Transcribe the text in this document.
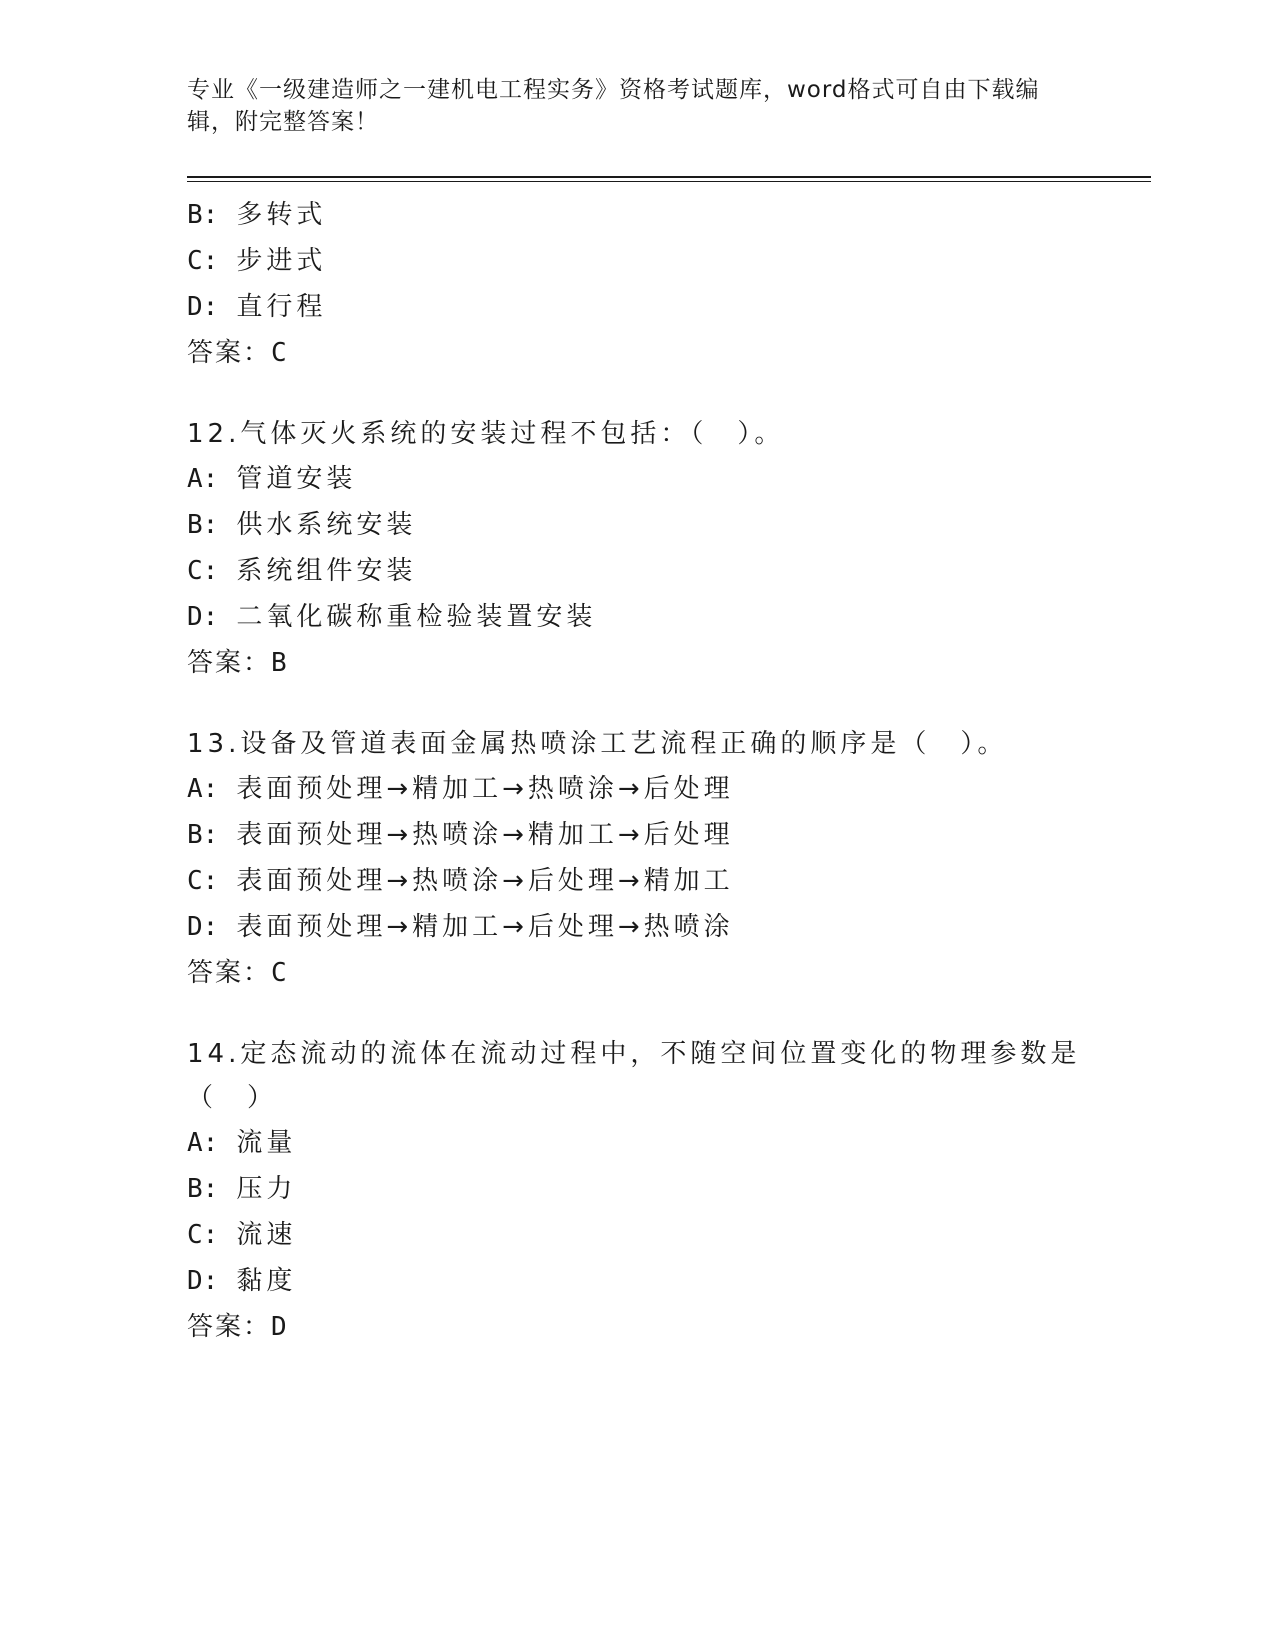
专业《一级建造师之一建机电工程实务》资格考试题库，word格式可自由下载编辑，附完整答案！
B: 多转式
C: 步进式
D: 直行程
答案：C
12.气体灭火系统的安装过程不包括：（　）。
A: 管道安装
B: 供水系统安装
C: 系统组件安装
D: 二氧化碳称重检验装置安装
答案：B
13.设备及管道表面金属热喷涂工艺流程正确的顺序是（　）。
A: 表面预处理→精加工→热喷涂→后处理
B: 表面预处理→热喷涂→精加工→后处理
C: 表面预处理→热喷涂→后处理→精加工
D: 表面预处理→精加工→后处理→热喷涂
答案：C
14.定态流动的流体在流动过程中，不随空间位置变化的物理参数是（　）
A: 流量
B: 压力
C: 流速
D: 黏度
答案：D
